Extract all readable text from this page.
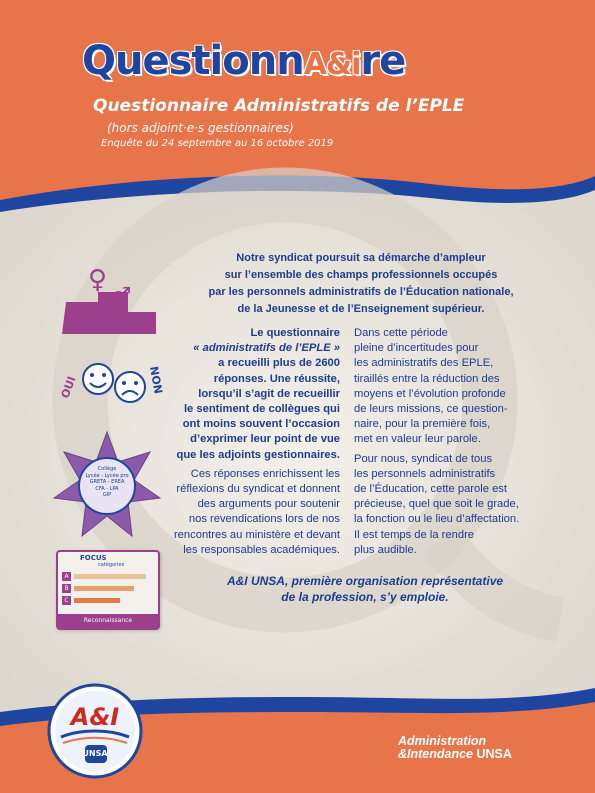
QuestionnA&ire
Questionnaire Administratifs de l’EPLE
(hors adjoint·e·s gestionnaires)
Enquête du 24 septembre au 16 octobre 2019
Notre syndicat poursuit sa démarche d’ampleur
sur l’ensemble des champs professionnels occupés
par les personnels administratifs de l’Éducation nationale,
de la Jeunesse et de l’Enseignement supérieur.
Le questionnaire
« administratifs de l’EPLE »
a recueilli plus de 2600
réponses. Une réussite,
lorsqu’il s’agit de recueillir
le sentiment de collègues qui
ont moins souvent l’occasion
d’exprimer leur point de vue
que les adjoints gestionnaires.
Ces réponses enrichissent les
réflexions du syndicat et donnent
des arguments pour soutenir
nos revendications lors de nos
rencontres au ministère et devant
les responsables académiques.
Dans cette période
pleine d’incertitudes pour
les administratifs des EPLE,
tiraillés entre la réduction des
moyens et l’évolution profonde
de leurs missions, ce question-
naire, pour la première fois,
met en valeur leur parole.
Pour nous, syndicat de tous
les personnels administratifs
de l’Éducation, cette parole est
précieuse, quel que soit le grade,
la fonction ou le lieu d’affectation.
Il est temps de la rendre
plus audible.
A&I UNSA, première organisation représentative
de la profession, s’y emploie.
♀
♂
OUI	NON
Collège
Lycée - Lycée pro
GRETA - EREA
CFA - LPA
GIP
FOCUS
catégories
A
B
C
Reconnaissance
A&I
UNSA
Administration
&Intendance UNSA
